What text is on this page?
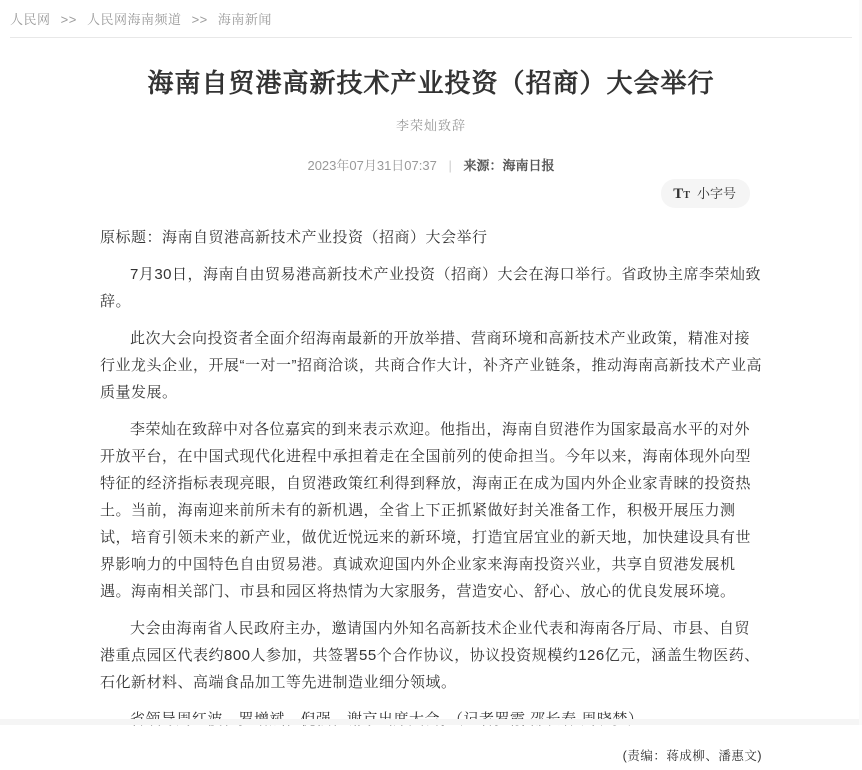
人民网 >> 人民网海南频道 >> 海南新闻
海南自贸港高新技术产业投资（招商）大会举行
李荣灿致辞
2023年07月31日07:37 | 来源：海南日报
TT 小字号

原标题：海南自贸港高新技术产业投资（招商）大会举行

7月30日，海南自由贸易港高新技术产业投资（招商）大会在海口举行。省政协主席李荣灿致辞。

此次大会向投资者全面介绍海南最新的开放举措、营商环境和高新技术产业政策，精准对接行业龙头企业，开展“一对一”招商洽谈，共商合作大计，补齐产业链条，推动海南高新技术产业高质量发展。

李荣灿在致辞中对各位嘉宾的到来表示欢迎。他指出，海南自贸港作为国家最高水平的对外开放平台，在中国式现代化进程中承担着走在全国前列的使命担当。今年以来，海南体现外向型特征的经济指标表现亮眼，自贸港政策红利得到释放，海南正在成为国内外企业家青睐的投资热土。当前，海南迎来前所未有的新机遇，全省上下正抓紧做好封关准备工作，积极开展压力测试，培育引领未来的新产业，做优近悦远来的新环境，打造宜居宜业的新天地，加快建设具有世界影响力的中国特色自由贸易港。真诚欢迎国内外企业家来海南投资兴业，共享自贸港发展机遇。海南相关部门、市县和园区将热情为大家服务，营造安心、舒心、放心的优良发展环境。

大会由海南省人民政府主办，邀请国内外知名高新技术企业代表和海南各厅局、市县、自贸港重点园区代表约800人参加，共签署55个合作协议，协议投资规模约126亿元，涵盖生物医药、石化新材料、高端食品加工等先进制造业细分领域。

(责编：蒋成柳、潘惠文)
